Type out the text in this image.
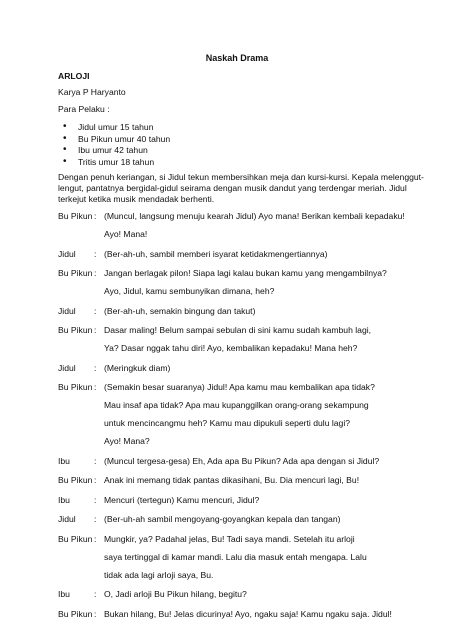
Naskah Drama
ARLOJI
Karya P Haryanto
Para Pelaku :
• Jidul umur 15 tahun
• Bu Pikun umur 40 tahun
• Ibu umur 42 tahun
• Tritis umur 18 tahun
Dengan penuh keriangan, si Jidul tekun membersihkan meja dan kursi-kursi. Kepala melenggut-lengut, pantatnya bergidal-gidul seirama dengan musik dandut yang terdengar meriah. Jidul terkejut ketika musik mendadak berhenti.
Bu Pikun : (Muncul, langsung menuju kearah Jidul) Ayo mana! Berikan kembali kepadaku!
Ayo! Mana!
Jidul	: (Ber-ah-uh, sambil memberi isyarat ketidakmengertiannya)
Bu Pikun : Jangan berlagak pilon! Siapa lagi kalau bukan kamu yang mengambilnya?
Ayo, Jidul, kamu sembunyikan dimana, heh?
Jidul	: (Ber-ah-uh, semakin bingung dan takut)
Bu Pikun : Dasar maling! Belum sampai sebulan di sini kamu sudah kambuh lagi,
Ya? Dasar nggak tahu diri! Ayo, kembalikan kepadaku! Mana heh?
Jidul	: (Meringkuk diam)
Bu Pikun : (Semakin besar suaranya) Jidul! Apa kamu mau kembalikan apa tidak?
Mau insaf apa tidak? Apa mau kupanggilkan orang-orang sekampung
untuk mencincangmu heh? Kamu mau dipukuli seperti dulu lagi?
Ayo! Mana?
Ibu	: (Muncul tergesa-gesa) Eh, Ada apa Bu Pikun? Ada apa dengan si Jidul?
Bu Pikun : Anak ini memang tidak pantas dikasihani, Bu. Dia mencuri lagi, Bu!
Ibu	: Mencuri (tertegun) Kamu mencuri, Jidul?
Jidul	: (Ber-uh-ah sambil mengoyang-goyangkan kepala dan tangan)
Bu Pikun : Mungkir, ya? Padahal jelas, Bu! Tadi saya mandi. Setelah itu arloji
saya tertinggal di kamar mandi. Lalu dia masuk entah mengapa. Lalu
tidak ada lagi arloji saya, Bu.
Ibu	: O, Jadi arloji Bu Pikun hilang, begitu?
Bu Pikun : Bukan hilang, Bu! Jelas dicurinya! Ayo, ngaku saja! Kamu ngaku saja. Jidul!
